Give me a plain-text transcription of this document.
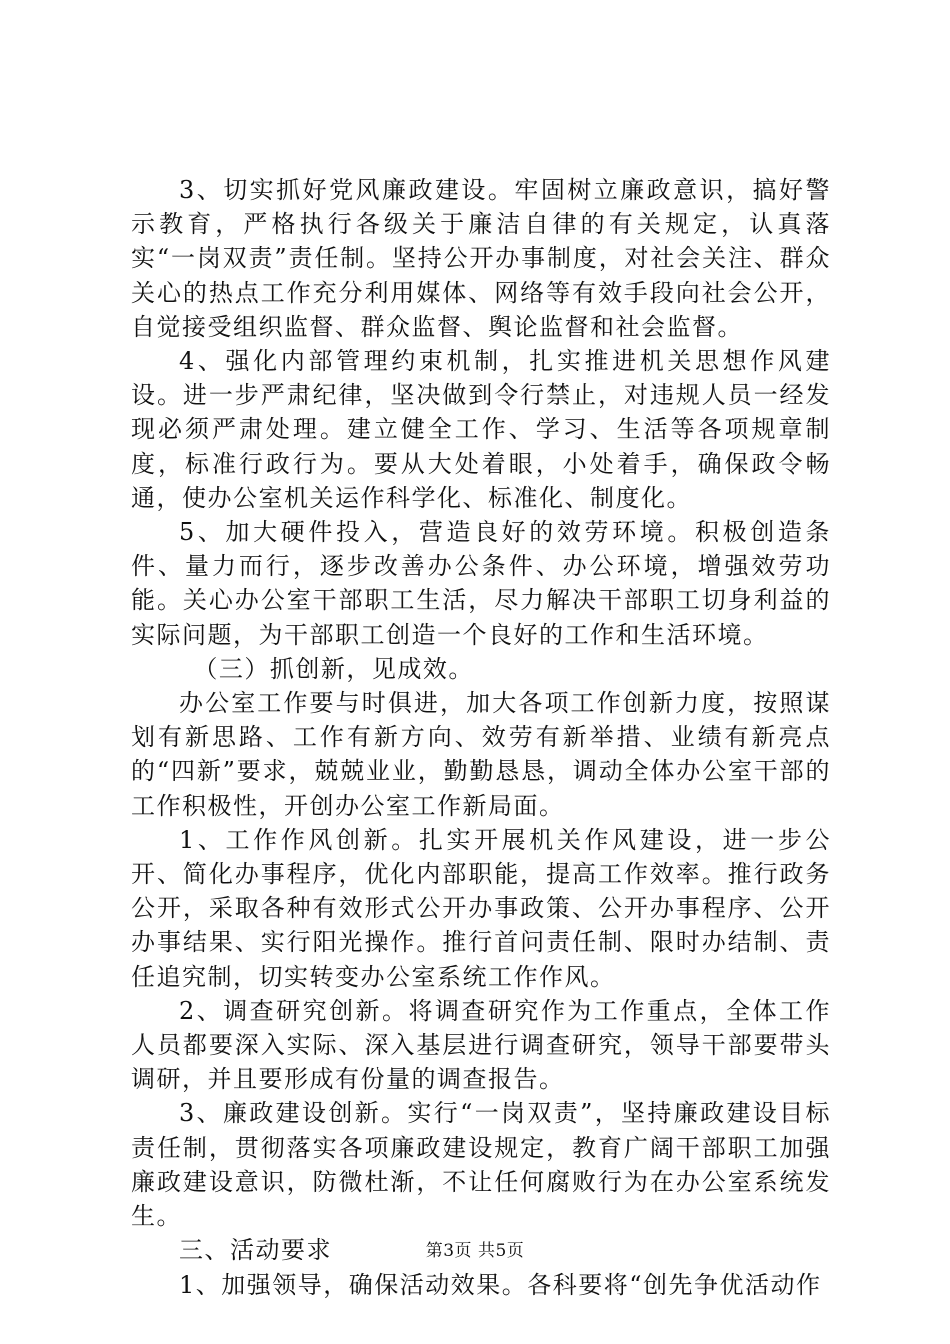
3、切实抓好党风廉政建设。牢固树立廉政意识，搞好警示教育，严格执行各级关于廉洁自律的有关规定，认真落实“一岗双责”责任制。坚持公开办事制度，对社会关注、群众关心的热点工作充分利用媒体、网络等有效手段向社会公开，自觉接受组织监督、群众监督、舆论监督和社会监督。

4、强化内部管理约束机制，扎实推进机关思想作风建设。进一步严肃纪律，坚决做到令行禁止，对违规人员一经发现必须严肃处理。建立健全工作、学习、生活等各项规章制度，标准行政行为。要从大处着眼，小处着手，确保政令畅通，使办公室机关运作科学化、标准化、制度化。

5、加大硬件投入，营造良好的效劳环境。积极创造条件、量力而行，逐步改善办公条件、办公环境，增强效劳功能。关心办公室干部职工生活，尽力解决干部职工切身利益的实际问题，为干部职工创造一个良好的工作和生活环境。

（三）抓创新，见成效。

办公室工作要与时俱进，加大各项工作创新力度，按照谋划有新思路、工作有新方向、效劳有新举措、业绩有新亮点的“四新”要求，兢兢业业，勤勤恳恳，调动全体办公室干部的工作积极性，开创办公室工作新局面。

1、工作作风创新。扎实开展机关作风建设，进一步公开、简化办事程序，优化内部职能，提高工作效率。推行政务公开，采取各种有效形式公开办事政策、公开办事程序、公开办事结果、实行阳光操作。推行首问责任制、限时办结制、责任追究制，切实转变办公室系统工作作风。

2、调查研究创新。将调查研究作为工作重点，全体工作人员都要深入实际、深入基层进行调查研究，领导干部要带头调研，并且要形成有份量的调查报告。

3、廉政建设创新。实行“一岗双责”，坚持廉政建设目标责任制，贯彻落实各项廉政建设规定，教育广阔干部职工加强廉政建设意识，防微杜渐，不让任何腐败行为在办公室系统发生。

三、活动要求

1、加强领导，确保活动效果。各科要将“创先争优活动作

第3页 共5页
